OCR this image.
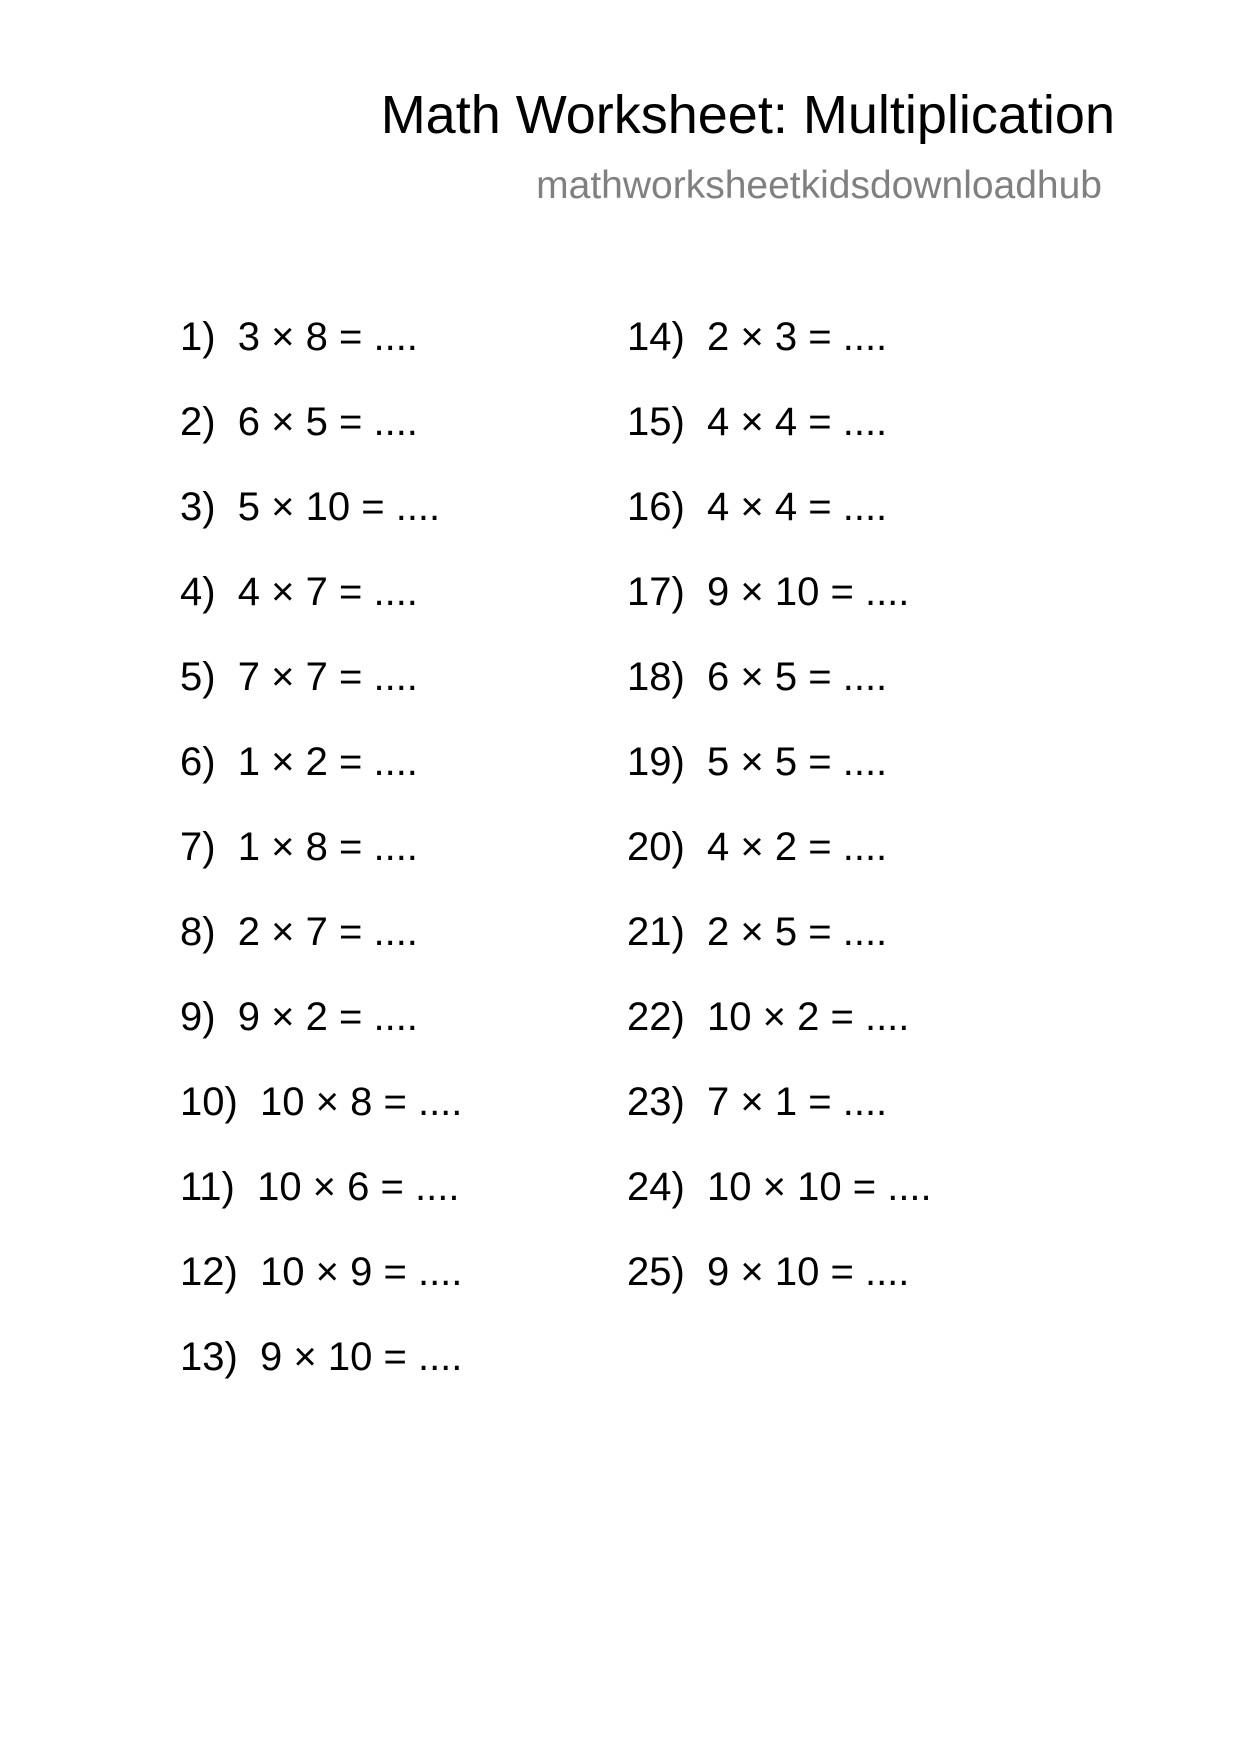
Math Worksheet: Multiplication
mathworksheetkidsdownloadhub
1)  3 × 8 = ....
2)  6 × 5 = ....
3)  5 × 10 = ....
4)  4 × 7 = ....
5)  7 × 7 = ....
6)  1 × 2 = ....
7)  1 × 8 = ....
8)  2 × 7 = ....
9)  9 × 2 = ....
10)  10 × 8 = ....
11)  10 × 6 = ....
12)  10 × 9 = ....
13)  9 × 10 = ....
14)  2 × 3 = ....
15)  4 × 4 = ....
16)  4 × 4 = ....
17)  9 × 10 = ....
18)  6 × 5 = ....
19)  5 × 5 = ....
20)  4 × 2 = ....
21)  2 × 5 = ....
22)  10 × 2 = ....
23)  7 × 1 = ....
24)  10 × 10 = ....
25)  9 × 10 = ....
